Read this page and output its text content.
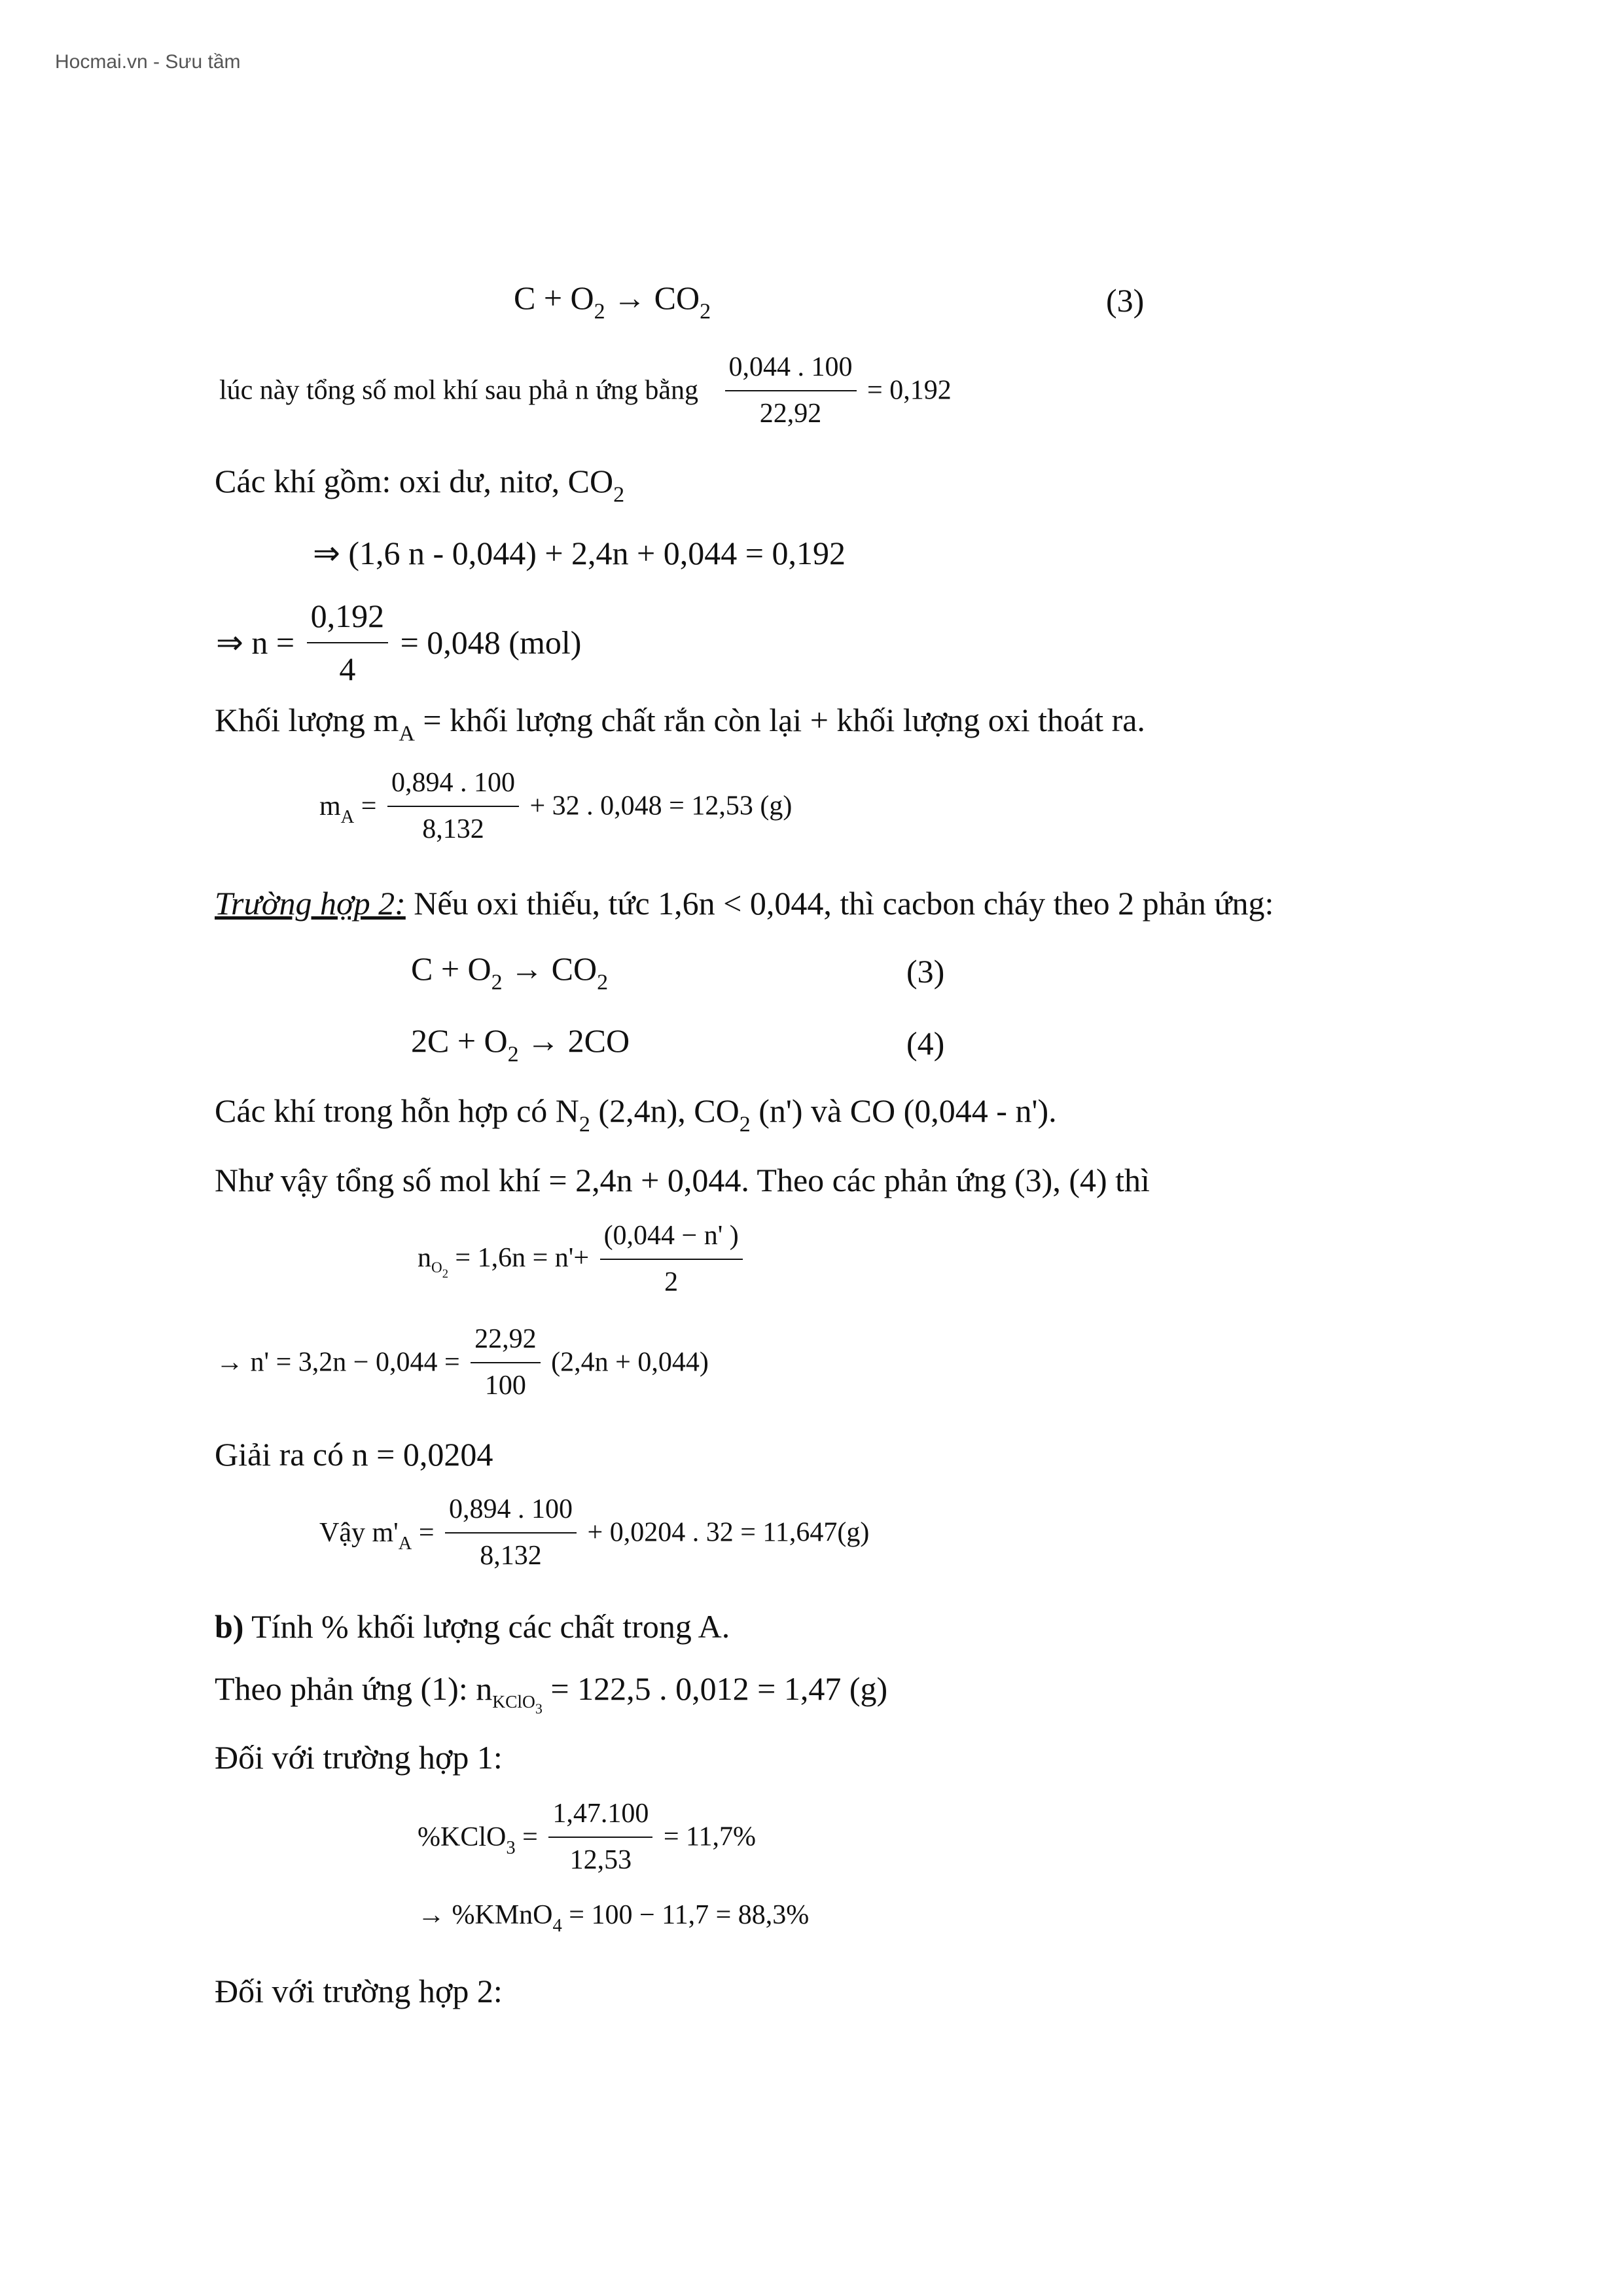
Hocmai.vn - Sưu tầm
$C + O_2 \to CO_2$	(3)
lúc này tổng số mol khí sau phả n ứng bằng $\frac{0,044 . 100}{22,92} = 0,192$
Các khí gồm: oxi dư, nitơ, $CO_2$
⇒ (1,6 n - 0,044) + 2,4n + 0,044 = 0,192
⇒ $n = \frac{0,192}{4} = 0,048$ (mol)
Khối lượng $m_A$ = khối lượng chất rắn còn lại + khối lượng oxi thoát ra.
$m_A = \frac{0,894 . 100}{8,132} + 32$ . 0,048 = 12,53 (g)
Trường hợp 2: Nếu oxi thiếu, tức 1,6n < 0,044, thì cacbon cháy theo 2 phản ứng:
$C + O_2 \to CO_2$	(3)
$2C + O_2 \to 2CO$	(4)
Các khí trong hỗn hợp có $N_2$ (2,4n), $CO_2$ (n') và CO (0,044 - n').
Như vậy tổng số mol khí = 2,4n + 0,044. Theo các phản ứng (3), (4) thì
$n_{O_2} = 1,6n = n'+ \frac{(0,044 - n' )}{2}$
→ $n' = 3,2n - 0,044 = \frac{22,92}{100} (2,4n + 0,044)$
Giải ra có n = 0,0204
Vậy $m'_A = \frac{0,894 . 100}{8,132} + 0,0204$ . 32 = 11,647(g)
b) Tính % khối lượng các chất trong A.
Theo phản ứng (1): $n_{KClO_3} = 122,5$ . 0,012 = 1,47 (g)
Đối với trường hợp 1:
%KClO$_3$ = $\frac{1,47.100}{12,53} = 11,7\%$
→ %KMnO$_4$ = 100 − 11,7 = 88,3%
Đối với trường hợp 2:
